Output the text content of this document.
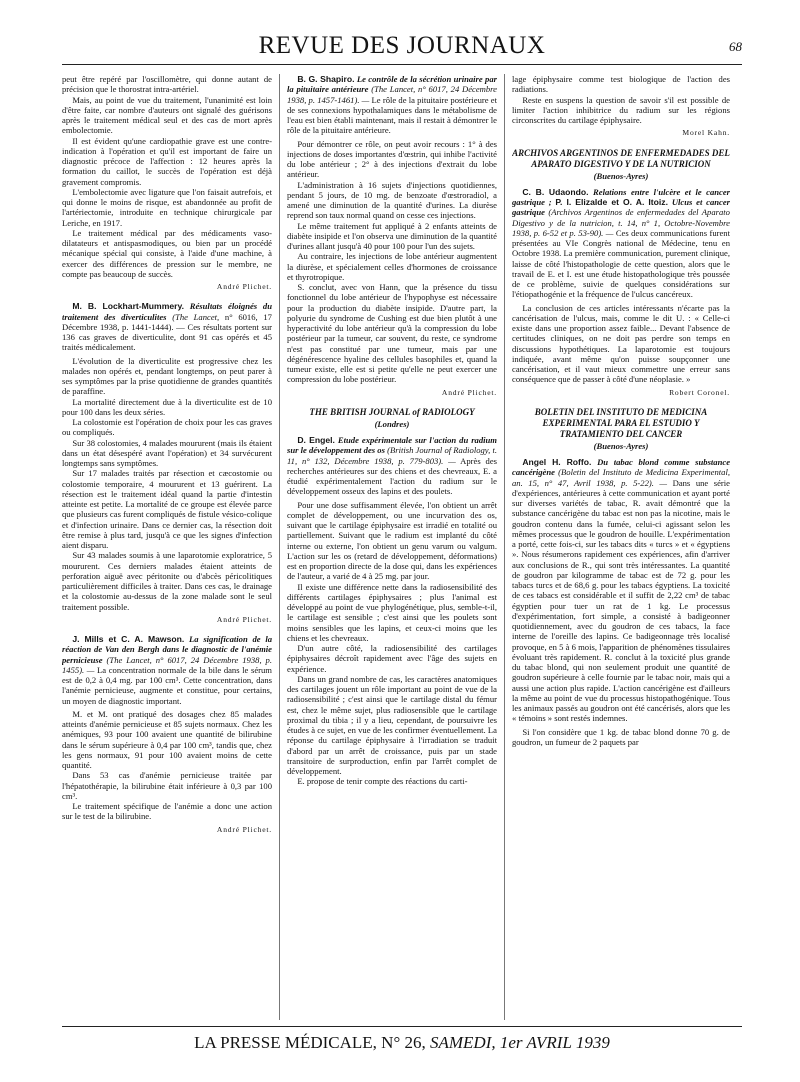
REVUE DES JOURNAUX	68

peut être repéré par l'oscillomètre, qui donne autant de précision que le thorostrat intra-artériel.

Mais, au point de vue du traitement, l'unanimité est loin d'être faite, car nombre d'auteurs ont signalé des guérisons après le traitement médical seul et des cas de mort après embolectomie.

Il est évident qu'une cardiopathie grave est une contre-indication à l'opération et qu'il est important de faire un diagnostic précoce de l'affection : 12 heures après la formation du caillot, le succès de l'opération est déjà gravement compromis.

L'embolectomie avec ligature que l'on faisait autrefois, et qui donne le moins de risque, est abandonnée au profit de l'artériectomie, introduite en technique chirurgicale par Leriche, en 1917.

Le traitement médical par des médicaments vaso-dilatateurs et antispasmodiques, ou bien par un procédé mécanique spécial qui consiste, à l'aide d'une machine, à exercer des différences de pression sur le membre, ne compte pas beaucoup de succès.

André Plichet.

M. B. Lockhart-Mummery. Résultats éloignés du traitement des diverticulites (The Lancet, n° 6016, 17 Décembre 1938, p. 1441-1444). — Ces résultats portent sur 136 cas graves de diverticulite, dont 91 cas opérés et 45 traités médicalement.

L'évolution de la diverticulite est progressive chez les malades non opérés et, pendant longtemps, on peut parer à ses symptômes par la prise quotidienne de grandes quantités de paraffine.

La mortalité directement due à la diverticulite est de 10 pour 100 dans les deux séries.

La colostomie est l'opération de choix pour les cas graves ou compliqués.

Sur 38 colostomies, 4 malades moururent (mais ils étaient dans un état désespéré avant l'opération) et 34 survécurent longtemps sans symptômes.

Sur 17 malades traités par résection et cæcostomie ou colostomie temporaire, 4 moururent et 13 guérirent. La résection est le traitement idéal quand la partie d'intestin atteinte est petite. La mortalité de ce groupe est élevée parce que plusieurs cas furent compliqués de fistule vésico-colique et d'infection urinaire. Dans ce dernier cas, la résection doit être remise à plus tard, jusqu'à ce que les signes d'infection aient disparu.

Sur 43 malades soumis à une laparotomie exploratrice, 5 moururent. Ces derniers malades étaient atteints de perforation aiguë avec péritonite ou d'abcès péricolitiques particulièrement difficiles à traiter. Dans ces cas, le drainage et la colostomie au-dessus de la zone malade sont le seul traitement possible.

André Plichet.

J. Mills et C. A. Mawson. La signification de la réaction de Van den Bergh dans le diagnostic de l'anémie pernicieuse (The Lancet, n° 6017, 24 Décembre 1938, p. 1455). — La concentration normale de la bile dans le sérum est de 0,2 à 0,4 mg. par 100 cm³. Cette concentration, dans l'anémie pernicieuse, augmente et constitue, pour certains, un moyen de diagnostic important.

M. et M. ont pratiqué des dosages chez 85 malades atteints d'anémie pernicieuse et 85 sujets normaux. Chez les anémiques, 93 pour 100 avaient une quantité de bilirubine dans le sérum supérieure à 0,4 par 100 cm³, tandis que, chez les gens normaux, 91 pour 100 avaient moins de cette quantité.

Dans 53 cas d'anémie pernicieuse traitée par l'hépatothérapie, la bilirubine était inférieure à 0,3 par 100 cm³.

Le traitement spécifique de l'anémie a donc une action sur le test de la bilirubine.

André Plichet.

B. G. Shapiro. Le contrôle de la sécrétion urinaire par la pituitaire antérieure (The Lancet, n° 6017, 24 Décembre 1938, p. 1457-1461). — Le rôle de la pituitaire postérieure et de ses connexions hypothalamiques dans le métabolisme de l'eau est bien établi maintenant, mais il restait à démontrer le rôle de la pituitaire antérieure.

Pour démontrer ce rôle, on peut avoir recours : 1° à des injections de doses importantes d'œstrin, qui inhibe l'activité du lobe antérieur ; 2° à des injections d'extrait du lobe antérieur.

L'administration à 16 sujets d'injections quotidiennes, pendant 5 jours, de 10 mg. de benzoate d'œstroradiol, a amené une diminution de la quantité d'urines. La diurèse reprend son taux normal quand on cesse ces injections.

Le même traitement fut appliqué à 2 enfants atteints de diabète insipide et l'on observa une diminution de la quantité d'urines allant jusqu'à 40 pour 100 pour l'un des sujets.

Au contraire, les injections de lobe antérieur augmentent la diurèse, et spécialement celles d'hormones de croissance et thyrotropique.

S. conclut, avec von Hann, que la présence du tissu fonctionnel du lobe antérieur de l'hypophyse est nécessaire pour la production du diabète insipide. D'autre part, la polyurie du syndrome de Cushing est due bien plutôt à une hyperactivité du lobe antérieur qu'à la compression du lobe postérieur par la tumeur, car souvent, du reste, ce syndrome n'est pas constitué par une tumeur, mais par une dégénérescence hyaline des cellules basophiles et, quand la tumeur existe, elle est si petite qu'elle ne peut exercer une compression du lobe postérieur.

André Plichet.

THE BRITISH JOURNAL of RADIOLOGY
(Londres)

D. Engel. Etude expérimentale sur l'action du radium sur le développement des os (British Journal of Radiology, t. 11, n° 132, Décembre 1938, p. 779-803). — Après des recherches antérieures sur des chiens et des chevreaux, E. a étudié expérimentalement l'action du radium sur le développement osseux des lapins et des poulets.

Pour une dose suffisamment élevée, l'on obtient un arrêt complet de développement, ou une incurvation des os, suivant que le cartilage épiphysaire est irradié en totalité ou partiellement. Suivant que le radium est implanté du côté interne ou externe, l'on obtient un genu varum ou valgum. L'action sur les os (retard de développement, déformations) est en proportion directe de la dose qui, dans les expériences de l'auteur, a varié de 4 à 25 mg. par jour.

Il existe une différence nette dans la radiosensibilité des différents cartilages épiphysaires ; plus l'animal est développé au point de vue phylogénétique, plus, semble-t-il, le cartilage est sensible ; c'est ainsi que les poulets sont moins sensibles que les lapins, et ceux-ci moins que les chiens et les chevreaux.

D'un autre côté, la radiosensibilité des cartilages épiphysaires décroît rapidement avec l'âge des sujets en expérience.

Dans un grand nombre de cas, les caractères anatomiques des cartilages jouent un rôle important au point de vue de la radiosensibilité ; c'est ainsi que le cartilage distal du fémur est, chez le même sujet, plus radiosensible que le cartilage proximal du tibia ; il y a lieu, cependant, de poursuivre les études à ce sujet, en vue de les confirmer éventuellement. La réponse du cartilage épiphysaire à l'irradiation se traduit d'abord par un arrêt de croissance, puis par un stade transitoire de surproduction, enfin par l'arrêt complet de développement.

E. propose de tenir compte des réactions du carti-

lage épiphysaire comme test biologique de l'action des radiations.

Reste en suspens la question de savoir s'il est possible de limiter l'action inhibitrice du radium sur les régions circonscrites du cartilage épiphysaire.

Morel Kahn.

ARCHIVOS ARGENTINOS DE ENFERMEDADES DEL APARATO DIGESTIVO Y DE LA NUTRICION
(Buenos-Ayres)

C. B. Udaondo. Relations entre l'ulcère et le cancer gastrique ; P. I. Elizalde et O. A. Itoiz. Ulcus et cancer gastrique (Archivos Argentinos de enfermedades del Aparato Digestivo y de la nutricion, t. 14, n° 1, Octobre-Novembre 1938, p. 6-52 et p. 53-90). — Ces deux communications furent présentées au VIe Congrès national de Médecine, tenu en Octobre 1938. La première communication, purement clinique, laisse de côté l'histopathologie de cette question, alors que le travail de E. et I. est une étude histopathologique très poussée de ce problème, suivie de quelques considérations sur l'étiopathogénie et la fréquence de l'ulcus cancéreux.

La conclusion de ces articles intéressants n'écarte pas la cancérisation de l'ulcus, mais, comme le dit U. : « Celle-ci existe dans une proportion assez faible... Devant l'absence de certitudes cliniques, on ne doit pas perdre son temps en discussions hypothétiques. La laparotomie est toujours indiquée, avant même qu'on puisse soupçonner une cancérisation, et il vaut mieux commettre une erreur sans conséquence que de passer à côté d'une néoplasie. »

Robert Coronel.

BOLETIN DEL INSTITUTO DE MEDICINA EXPERIMENTAL PARA EL ESTUDIO Y TRATAMIENTO DEL CANCER
(Buenos-Ayres)

Angel H. Roffo. Du tabac blond comme substance cancérigène (Boletin del Instituto de Medicina Experimental, an. 15, n° 47, Avril 1938, p. 5-22). — Dans une série d'expériences, antérieures à cette communication et ayant porté sur diverses variétés de tabac, R. avait démontré que la substance cancérigène du tabac est non pas la nicotine, mais le goudron contenu dans la fumée, celui-ci agissant selon les mêmes processus que le goudron de houille. L'expérimentation a porté, cette fois-ci, sur les tabacs dits « turcs » et « égyptiens ». Nous résumerons rapidement ces expériences, afin d'arriver aux conclusions de R., qui sont très intéressantes. La quantité de goudron par kilogramme de tabac est de 72 g. pour les tabacs turcs et de 68,6 g. pour les tabacs égyptiens. La toxicité de ces tabacs est considérable et il suffit de 2,22 cm³ de tabac égyptien pour tuer un rat de 1 kg. Le processus d'expérimentation, fort simple, a consisté à badigeonner quotidiennement, avec du goudron de ces tabacs, la face interne de l'oreille des lapins. Ce badigeonnage très localisé provoque, en 5 à 6 mois, l'apparition de phénomènes tissulaires évoluant très rapidement. R. conclut à la toxicité plus grande du tabac blond, qui non seulement produit une quantité de goudron supérieure à celle fournie par le tabac noir, mais qui a aussi une action plus rapide. L'action cancérigène est d'ailleurs la même au point de vue du processus histopathogénique. Tous les animaux passés au goudron ont été cancérisés, alors que les « témoins » sont restés indemnes.

Si l'on considère que 1 kg. de tabac blond donne 70 g. de goudron, un fumeur de 2 paquets par

LA PRESSE MÉDICALE, N° 26, SAMEDI, 1er AVRIL 1939
